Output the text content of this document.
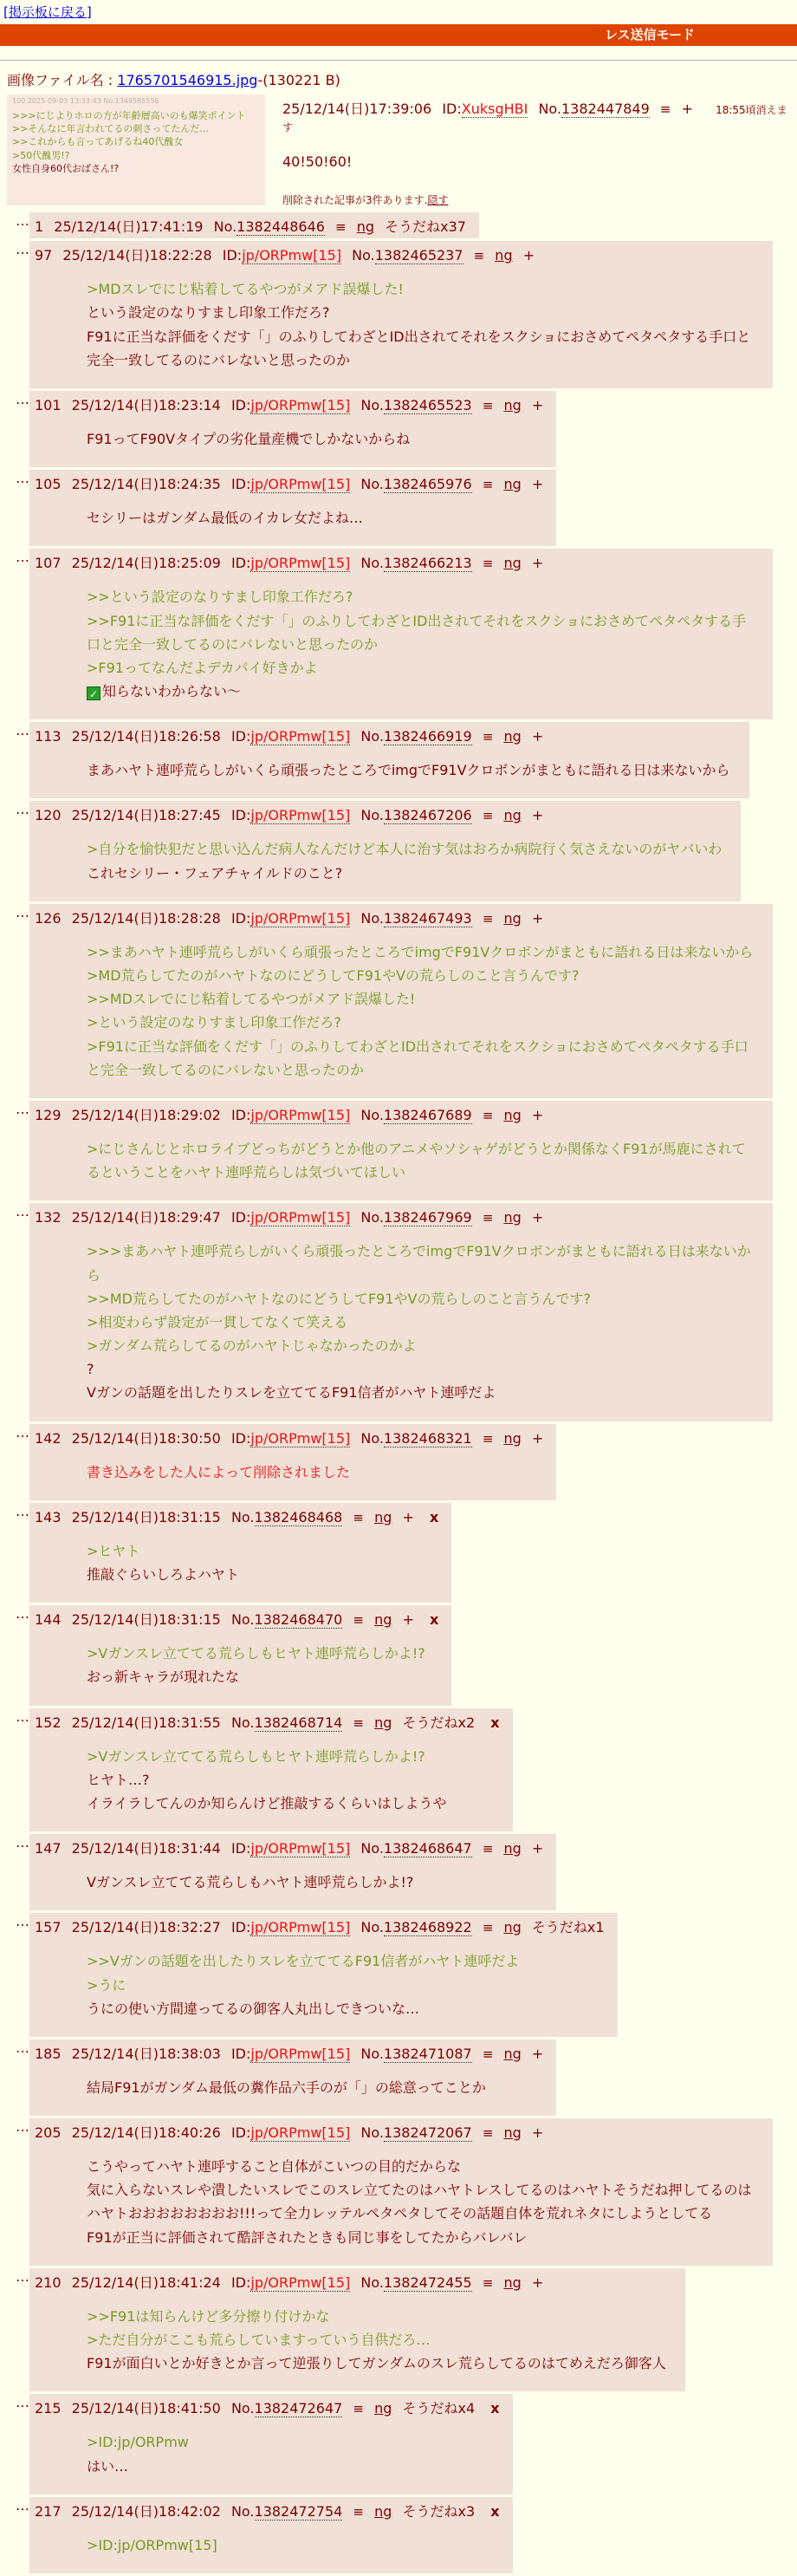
[掲示板に戻る]
レス送信モード
画像ファイル名 : 1765701546915.jpg-(130221 B)
100 2025-09-03 13:33:43 No.1349585556
>>>にじよりホロの方が年齢層高いのも爆笑ポイント
>>そんなに年言われてるの刺さってたんだ...
>>これからも言ってあげるね40代醜女
>50代醜男!?
女性自身60代おばさん!?
25/12/14(日)17:39:06 ID:XuksgHBI No.1382447849 ≡ + 18:55頃消えます
40!50!60!
削除された記事が3件あります.隠す
… 1 25/12/14(日)17:41:19 No.1382448646 ≡ ng そうだねx37
… 97 25/12/14(日)18:22:28 ID:jp/ORPmw[15] No.1382465237 ≡ ng +
>MDスレでにじ粘着してるやつがメアド誤爆した!
という設定のなりすまし印象工作だろ?
F91に正当な評価をくだす「」のふりしてわざとID出されてそれをスクショにおさめてペタペタする手口と完全一致してるのにバレないと思ったのか
… 101 25/12/14(日)18:23:14 ID:jp/ORPmw[15] No.1382465523 ≡ ng +
F91ってF90Vタイプの劣化量産機でしかないからね
… 105 25/12/14(日)18:24:35 ID:jp/ORPmw[15] No.1382465976 ≡ ng +
セシリーはガンダム最低のイカレ女だよね…
… 107 25/12/14(日)18:25:09 ID:jp/ORPmw[15] No.1382466213 ≡ ng +
>>という設定のなりすまし印象工作だろ?
>>F91に正当な評価をくだす「」のふりしてわざとID出されてそれをスクショにおさめてペタペタする手口と完全一致してるのにバレないと思ったのか
>F91ってなんだよデカパイ好きかよ
✓ 知らないわからない〜
… 113 25/12/14(日)18:26:58 ID:jp/ORPmw[15] No.1382466919 ≡ ng +
まあハヤト連呼荒らしがいくら頑張ったところでimgでF91Vクロボンがまともに語れる日は来ないから
… 120 25/12/14(日)18:27:45 ID:jp/ORPmw[15] No.1382467206 ≡ ng +
>自分を愉快犯だと思い込んだ病人なんだけど本人に治す気はおろか病院行く気さえないのがヤバいわ
これセシリー・フェアチャイルドのこと?
… 126 25/12/14(日)18:28:28 ID:jp/ORPmw[15] No.1382467493 ≡ ng +
>>まあハヤト連呼荒らしがいくら頑張ったところでimgでF91Vクロボンがまともに語れる日は来ないから
>MD荒らしてたのがハヤトなのにどうしてF91やVの荒らしのこと言うんです?
>>MDスレでにじ粘着してるやつがメアド誤爆した!
>という設定のなりすまし印象工作だろ?
>F91に正当な評価をくだす「」のふりしてわざとID出されてそれをスクショにおさめてペタペタする手口と完全一致してるのにバレないと思ったのか
… 129 25/12/14(日)18:29:02 ID:jp/ORPmw[15] No.1382467689 ≡ ng +
>にじさんじとホロライブどっちがどうとか他のアニメやソシャゲがどうとか関係なくF91が馬鹿にされてるということをハヤト連呼荒らしは気づいてほしい
… 132 25/12/14(日)18:29:47 ID:jp/ORPmw[15] No.1382467969 ≡ ng +
>>>まあハヤト連呼荒らしがいくら頑張ったところでimgでF91Vクロボンがまともに語れる日は来ないから
>>MD荒らしてたのがハヤトなのにどうしてF91やVの荒らしのこと言うんです?
>相変わらず設定が一貫してなくて笑える
>ガンダム荒らしてるのがハヤトじゃなかったのかよ
?
Vガンの話題を出したりスレを立ててるF91信者がハヤト連呼だよ
… 142 25/12/14(日)18:30:50 ID:jp/ORPmw[15] No.1382468321 ≡ ng +
書き込みをした人によって削除されました
… 143 25/12/14(日)18:31:15 No.1382468468 ≡ ng + x
>ヒヤト
推敲ぐらいしろよハヤト
… 144 25/12/14(日)18:31:15 No.1382468470 ≡ ng + x
>Vガンスレ立ててる荒らしもヒヤト連呼荒らしかよ!?
おっ新キャラが現れたな
… 152 25/12/14(日)18:31:55 No.1382468714 ≡ ng そうだねx2 x
>Vガンスレ立ててる荒らしもヒヤト連呼荒らしかよ!?
ヒヤト…?
イライラしてんのか知らんけど推敲するくらいはしようや
… 147 25/12/14(日)18:31:44 ID:jp/ORPmw[15] No.1382468647 ≡ ng +
Vガンスレ立ててる荒らしもハヤト連呼荒らしかよ!?
… 157 25/12/14(日)18:32:27 ID:jp/ORPmw[15] No.1382468922 ≡ ng そうだねx1
>>Vガンの話題を出したりスレを立ててるF91信者がハヤト連呼だよ
>うに
うにの使い方間違ってるの御客人丸出しできついな…
… 185 25/12/14(日)18:38:03 ID:jp/ORPmw[15] No.1382471087 ≡ ng +
結局F91がガンダム最低の糞作品六手のが「」の総意ってことか
… 205 25/12/14(日)18:40:26 ID:jp/ORPmw[15] No.1382472067 ≡ ng +
こうやってハヤト連呼すること自体がこいつの目的だからな
気に入らないスレや潰したいスレでこのスレ立てたのはハヤトレスしてるのはハヤトそうだね押してるのはハヤトおおおおおおおお!!!って全力レッテルペタペタしてその話題自体を荒れネタにしようとしてる
F91が正当に評価されて酷評されたときも同じ事をしてたからバレバレ
… 210 25/12/14(日)18:41:24 ID:jp/ORPmw[15] No.1382472455 ≡ ng +
>>F91は知らんけど多分擦り付けかな
>ただ自分がここも荒らしていますっていう自供だろ…
F91が面白いとか好きとか言って逆張りしてガンダムのスレ荒らしてるのはてめえだろ御客人
… 215 25/12/14(日)18:41:50 No.1382472647 ≡ ng そうだねx4 x
>ID:jp/ORPmw
はい…
… 217 25/12/14(日)18:42:02 No.1382472754 ≡ ng そうだねx3 x
>ID:jp/ORPmw[15]
